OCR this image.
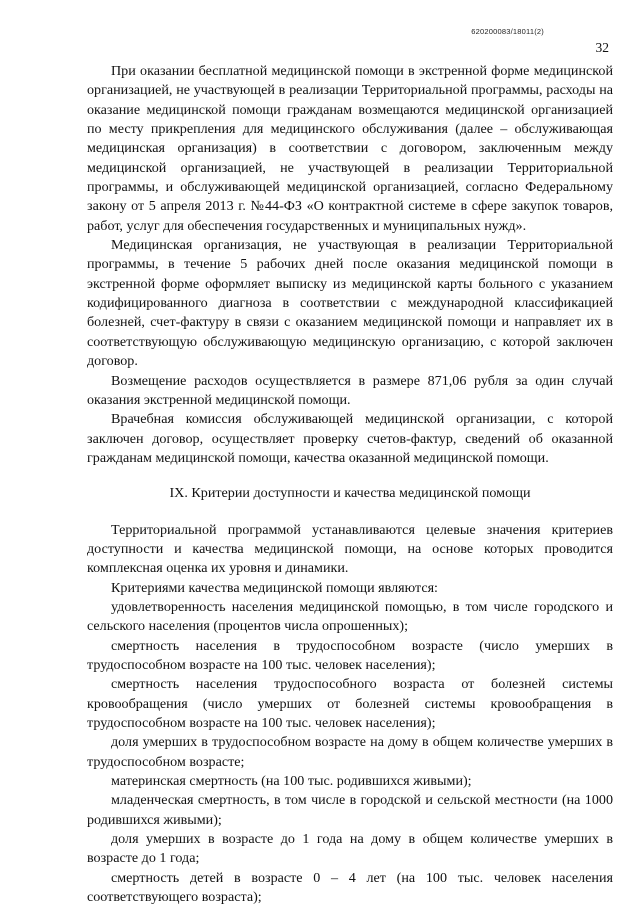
620200083/18011(2)
32

При оказании бесплатной медицинской помощи в экстренной форме медицинской организацией, не участвующей в реализации Территориальной программы, расходы на оказание медицинской помощи гражданам возмещаются медицинской организацией по месту прикрепления для медицинского обслуживания (далее – обслуживающая медицинская организация) в соответствии с договором, заключенным между медицинской организацией, не участвующей в реализации Территориальной программы, и обслуживающей медицинской организацией, согласно Федеральному закону от 5 апреля 2013 г. №44-ФЗ «О контрактной системе в сфере закупок товаров, работ, услуг для обеспечения государственных и муниципальных нужд».

Медицинская организация, не участвующая в реализации Территориальной программы, в течение 5 рабочих дней после оказания медицинской помощи в экстренной форме оформляет выписку из медицинской карты больного с указанием кодифицированного диагноза в соответствии с международной классификацией болезней, счет-фактуру в связи с оказанием медицинской помощи и направляет их в соответствующую обслуживающую медицинскую организацию, с которой заключен договор.

Возмещение расходов осуществляется в размере 871,06 рубля за один случай оказания экстренной медицинской помощи.

Врачебная комиссия обслуживающей медицинской организации, с которой заключен договор, осуществляет проверку счетов-фактур, сведений об оказанной гражданам медицинской помощи, качества оказанной медицинской помощи.

IX. Критерии доступности и качества медицинской помощи

Территориальной программой устанавливаются целевые значения критериев доступности и качества медицинской помощи, на основе которых проводится комплексная оценка их уровня и динамики.

Критериями качества медицинской помощи являются:

удовлетворенность населения медицинской помощью, в том числе городского и сельского населения (процентов числа опрошенных);

смертность населения в трудоспособном возрасте (число умерших в трудоспособном возрасте на 100 тыс. человек населения);

смертность населения трудоспособного возраста от болезней системы кровообращения (число умерших от болезней системы кровообращения в трудоспособном возрасте на 100 тыс. человек населения);

доля умерших в трудоспособном возрасте на дому в общем количестве умерших в трудоспособном возрасте;

материнская смертность (на 100 тыс. родившихся живыми);

младенческая смертность, в том числе в городской и сельской местности (на 1000 родившихся живыми);

доля умерших в возрасте до 1 года на дому в общем количестве умерших в возрасте до 1 года;

смертность детей в возрасте 0 – 4 лет (на 100 тыс. человек населения соответствующего возраста);
